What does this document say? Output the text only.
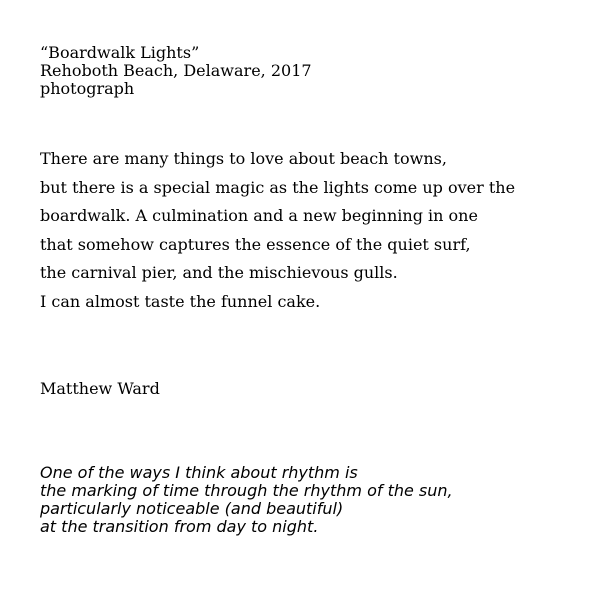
“Boardwalk Lights”
Rehoboth Beach, Delaware, 2017
photograph
There are many things to love about beach towns,
but there is a special magic as the lights come up over the
boardwalk. A culmination and a new beginning in one
that somehow captures the essence of the quiet surf,
the carnival pier, and the mischievous gulls.
I can almost taste the funnel cake.
Matthew Ward
One of the ways I think about rhythm is
the marking of time through the rhythm of the sun,
particularly noticeable (and beautiful)
at the transition from day to night.
